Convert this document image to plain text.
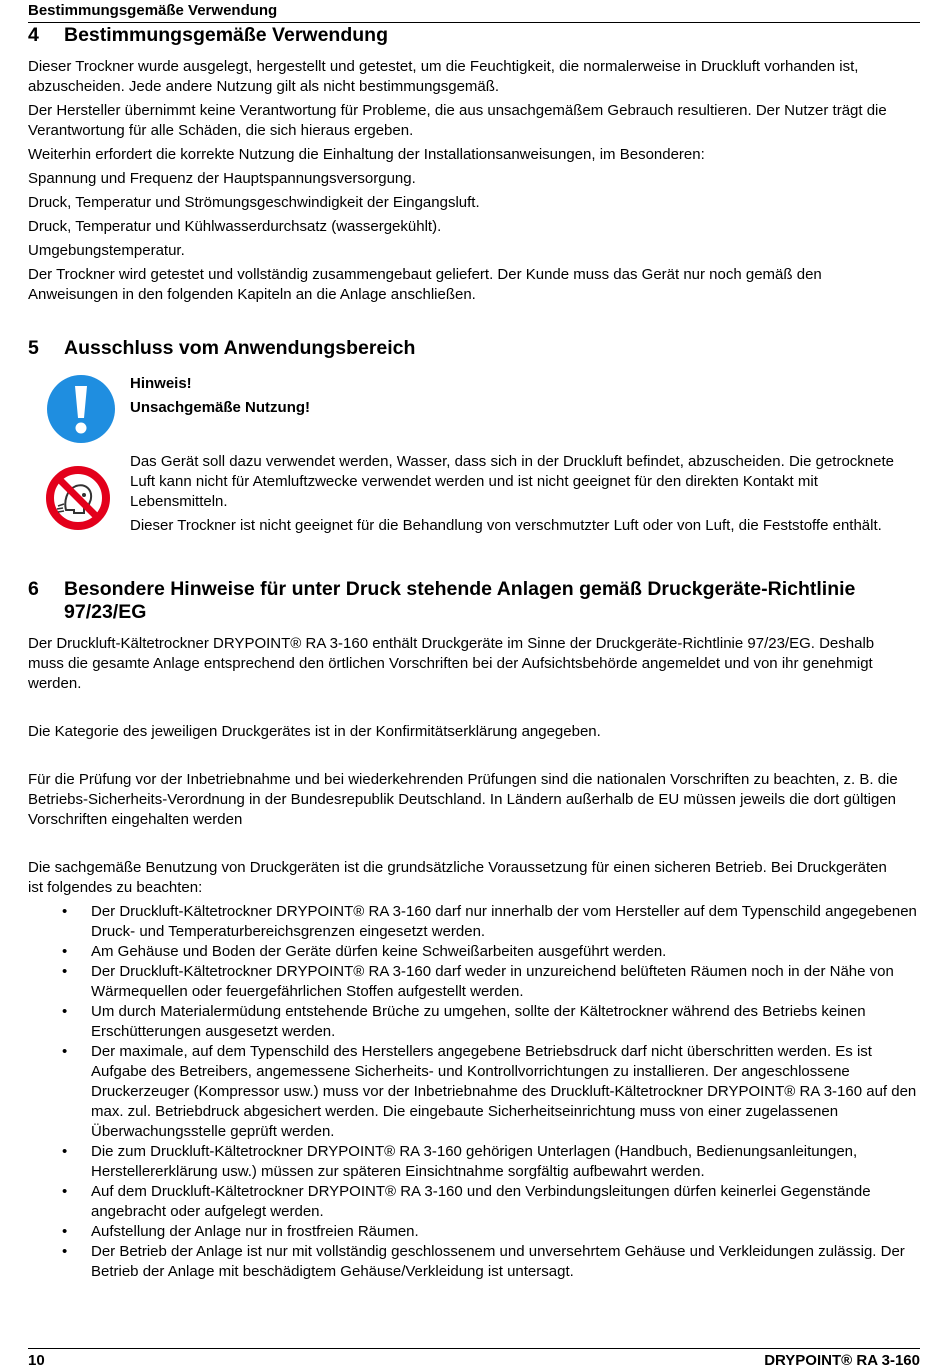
Bestimmungsgemäße Verwendung
4	Bestimmungsgemäße Verwendung

Dieser Trockner wurde ausgelegt, hergestellt und getestet, um die Feuchtigkeit, die normalerweise in Druckluft vorhanden ist, abzuscheiden. Jede andere Nutzung gilt als nicht bestimmungsgemäß.

Der Hersteller übernimmt keine Verantwortung für Probleme, die aus unsachgemäßem Gebrauch resultieren. Der Nutzer trägt die Verantwortung für alle Schäden, die sich hieraus ergeben.

Weiterhin erfordert die korrekte Nutzung die Einhaltung der Installationsanweisungen, im Besonderen:

Spannung und Frequenz der Hauptspannungsversorgung.

Druck, Temperatur und Strömungsgeschwindigkeit der Eingangsluft.

Druck, Temperatur und Kühlwasserdurchsatz (wassergekühlt).

Umgebungstemperatur.

Der Trockner wird getestet und vollständig zusammengebaut geliefert. Der Kunde muss das Gerät nur noch gemäß den Anweisungen in den folgenden Kapiteln an die Anlage anschließen.

5	Ausschluss vom Anwendungsbereich

Hinweis!

Unsachgemäße Nutzung!

Das Gerät soll dazu verwendet werden, Wasser, dass sich in der Druckluft befindet, abzuscheiden. Die getrocknete Luft kann nicht für Atemluftzwecke verwendet werden und ist nicht geeignet für den direkten Kontakt mit Lebensmitteln.

Dieser Trockner ist nicht geeignet für die Behandlung von verschmutzter Luft oder von Luft, die Feststoffe enthält.

6	Besondere Hinweise für unter Druck stehende Anlagen gemäß Druckgeräte-Richtlinie 97/23/EG

Der Druckluft-Kältetrockner DRYPOINT® RA 3-160 enthält Druckgeräte im Sinne der Druckgeräte-Richtlinie 97/23/EG. Deshalb muss die gesamte Anlage entsprechend den örtlichen Vorschriften bei der Aufsichtsbehörde angemeldet und von ihr genehmigt werden.

Die Kategorie des jeweiligen Druckgerätes ist in der Konfirmitätserklärung angegeben.

Für die Prüfung vor der Inbetriebnahme und bei wiederkehrenden Prüfungen sind die nationalen Vorschriften zu beachten, z. B. die Betriebs-Sicherheits-Verordnung in der Bundesrepublik Deutschland. In Ländern außerhalb de EU müssen jeweils die dort gültigen Vorschriften eingehalten werden

Die sachgemäße Benutzung von Druckgeräten ist die grundsätzliche Voraussetzung für einen sicheren Betrieb. Bei Druckgeräten ist folgendes zu beachten:

• Der Druckluft-Kältetrockner DRYPOINT® RA 3-160 darf nur innerhalb der vom Hersteller auf dem Typenschild angegebenen Druck- und Temperaturbereichsgrenzen eingesetzt werden.
• Am Gehäuse und Boden der Geräte dürfen keine Schweißarbeiten ausgeführt werden.
• Der Druckluft-Kältetrockner DRYPOINT® RA 3-160 darf weder in unzureichend belüfteten Räumen noch in der Nähe von Wärmequellen oder feuergefährlichen Stoffen aufgestellt werden.
• Um durch Materialermüdung entstehende Brüche zu umgehen, sollte der Kältetrockner während des Betriebs keinen Erschütterungen ausgesetzt werden.
• Der maximale, auf dem Typenschild des Herstellers angegebene Betriebsdruck darf nicht überschritten werden. Es ist Aufgabe des Betreibers, angemessene Sicherheits- und Kontrollvorrichtungen zu installieren. Der angeschlossene Druckerzeuger (Kompressor usw.) muss vor der Inbetriebnahme des Druckluft-Kältetrockner DRYPOINT® RA 3-160 auf den max. zul. Betriebdruck abgesichert werden. Die eingebaute Sicherheitseinrichtung muss von einer zugelassenen Überwachungsstelle geprüft werden.
• Die zum Druckluft-Kältetrockner DRYPOINT® RA 3-160 gehörigen Unterlagen (Handbuch, Bedienungsanleitungen, Herstellererklärung usw.) müssen zur späteren Einsichtnahme sorgfältig aufbewahrt werden.
• Auf dem Druckluft-Kältetrockner DRYPOINT® RA 3-160 und den Verbindungsleitungen dürfen keinerlei Gegenstände angebracht oder aufgelegt werden.
• Aufstellung der Anlage nur in frostfreien Räumen.
• Der Betrieb der Anlage ist nur mit vollständig geschlossenem und unversehrtem Gehäuse und Verkleidungen zulässig. Der Betrieb der Anlage mit beschädigtem Gehäuse/Verkleidung ist untersagt.
10	DRYPOINT® RA 3-160
